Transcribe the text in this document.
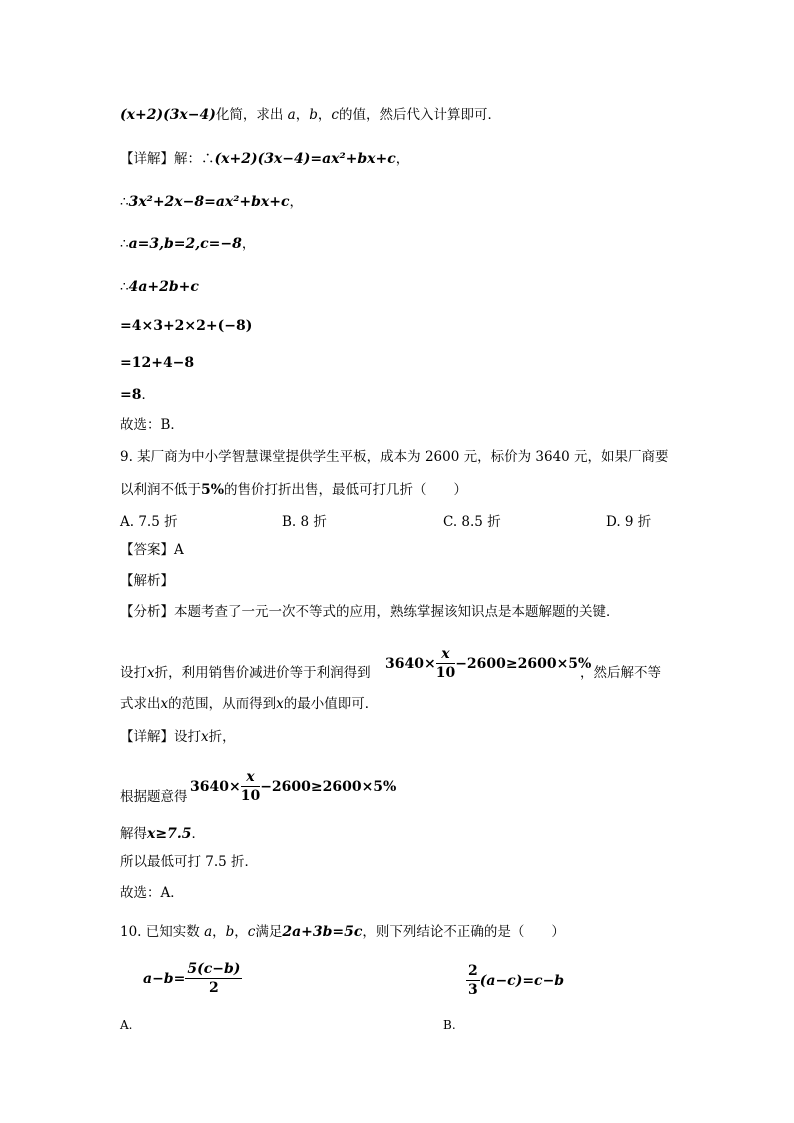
(x+2)(3x−4)化简，求出 a，b，c的值，然后代入计算即可．
【详解】解：∴(x+2)(3x−4)=ax²+bx+c，
∴3x²+2x−8=ax²+bx+c，
∴a=3,b=2,c=−8，
∴4a+2b+c
=4×3+2×2+(−8)
=12+4−8
=8．
故选：B．
9. 某厂商为中小学智慧课堂提供学生平板，成本为 2600 元，标价为 3640 元，如果厂商要
以利润不低于5%的售价打折出售，最低可打几折（　　）
A. 7.5 折	B. 8 折	C. 8.5 折	D. 9 折
【答案】A
【解析】
【分析】本题考查了一元一次不等式的应用，熟练掌握该知识点是本题解题的关键．
设打x折，利用销售价减进价等于利润得到
$3640\times \frac{x}{10} -2600\ge 2600\times 5\%$
，然后解不等
式求出x的范围，从而得到x的最小值即可．
【详解】设打x折，
根据题意得
$3640\times \frac{x}{10} -2600\ge 2600\times 5\%$
解得x≥7.5．
所以最低可打 7.5 折．
故选：A．
10. 已知实数 a，b，c满足2a+3b=5c，则下列结论不正确的是（　　）
A.
$a-b= \frac{5(c-b)}{2}$
B.
$\frac{2}{3} (a-c)=c-b$
